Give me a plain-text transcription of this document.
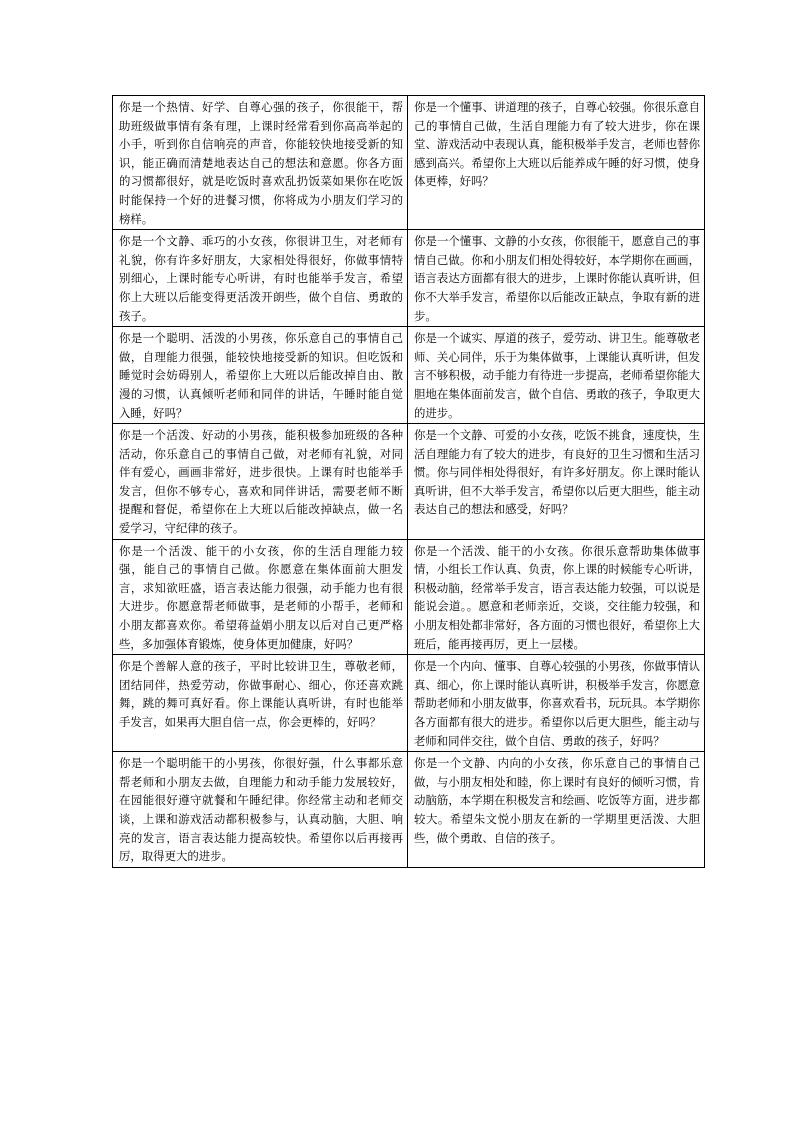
你是一个热情、好学、自尊心强的孩子，你很能干，帮助班级做事情有条有理，上课时经常看到你高高举起的小手，听到你自信响亮的声音，你能较快地接受新的知识，能正确而清楚地表达自己的想法和意愿。你各方面的习惯都很好，就是吃饭时喜欢乱扔饭菜如果你在吃饭时能保持一个好的进餐习惯，你将成为小朋友们学习的榜样。	你是一个懂事、讲道理的孩子，自尊心较强。你很乐意自己的事情自己做，生活自理能力有了较大进步，你在课堂、游戏活动中表现认真，能积极举手发言，老师也替你感到高兴。希望你上大班以后能养成午睡的好习惯，使身体更棒，好吗？
你是一个文静、乖巧的小女孩，你很讲卫生，对老师有礼貌，你有许多好朋友，大家相处得很好，你做事情特别细心，上课时能专心听讲，有时也能举手发言，希望你上大班以后能变得更活泼开朗些，做个自信、勇敢的孩子。	你是一个懂事、文静的小女孩，你很能干，愿意自己的事情自己做。你和小朋友们相处得较好，本学期你在画画，语言表达方面都有很大的进步，上课时你能认真听讲，但你不大举手发言，希望你以后能改正缺点，争取有新的进步。
你是一个聪明、活泼的小男孩，你乐意自己的事情自己做，自理能力很强，能较快地接受新的知识。但吃饭和睡觉时会妨碍别人，希望你上大班以后能改掉自由、散漫的习惯，认真倾听老师和同伴的讲话，午睡时能自觉入睡，好吗？	你是一个诚实、厚道的孩子，爱劳动、讲卫生。能尊敬老师、关心同伴，乐于为集体做事，上课能认真听讲，但发言不够积极，动手能力有待进一步提高，老师希望你能大胆地在集体面前发言，做个自信、勇敢的孩子，争取更大的进步。
你是一个活泼、好动的小男孩，能积极参加班级的各种活动，你乐意自己的事情自己做，对老师有礼貌，对同伴有爱心，画画非常好，进步很快。上课有时也能举手发言，但你不够专心，喜欢和同伴讲话，需要老师不断提醒和督促，希望你在上大班以后能改掉缺点，做一名爱学习，守纪律的孩子。	你是一个文静、可爱的小女孩，吃饭不挑食，速度快，生活自理能力有了较大的进步，有良好的卫生习惯和生活习惯。你与同伴相处得很好，有许多好朋友。你上课时能认真听讲，但不大举手发言，希望你以后更大胆些，能主动表达自己的想法和感受，好吗？
你是一个活泼、能干的小女孩，你的生活自理能力较强，能自己的事情自己做。你愿意在集体面前大胆发言，求知欲旺盛，语言表达能力很强，动手能力也有很大进步。你愿意帮老师做事，是老师的小帮手，老师和小朋友都喜欢你。希望蒋益娟小朋友以后对自己更严格些，多加强体育锻炼，使身体更加健康，好吗？	你是一个活泼、能干的小女孩。你很乐意帮助集体做事情，小组长工作认真、负责，你上课的时候能专心听讲，积极动脑，经常举手发言，语言表达能力较强，可以说是能说会道。。愿意和老师亲近，交谈，交往能力较强，和小朋友相处都非常好，各方面的习惯也很好，希望你上大班后，能再接再厉，更上一层楼。
你是个善解人意的孩子，平时比较讲卫生，尊敬老师，团结同伴，热爱劳动，你做事耐心、细心，你还喜欢跳舞，跳的舞可真好看。你上课能认真听讲，有时也能举手发言，如果再大胆自信一点，你会更棒的，好吗？	你是一个内向、懂事、自尊心较强的小男孩，你做事情认真、细心，你上课时能认真听讲，积极举手发言，你愿意帮助老师和小朋友做事，你喜欢看书，玩玩具。本学期你各方面都有很大的进步。希望你以后更大胆些，能主动与老师和同伴交往，做个自信、勇敢的孩子，好吗？
你是一个聪明能干的小男孩，你很好强，什么事都乐意帮老师和小朋友去做，自理能力和动手能力发展较好，在园能很好遵守就餐和午睡纪律。你经常主动和老师交谈，上课和游戏活动都积极参与，认真动脑，大胆、响亮的发言，语言表达能力提高较快。希望你以后再接再厉，取得更大的进步。	你是一个文静、内向的小女孩，你乐意自己的事情自己做，与小朋友相处和睦，你上课时有良好的倾听习惯，肯动脑筋，本学期在积极发言和绘画、吃饭等方面，进步都较大。希望朱文悦小朋友在新的一学期里更活泼、大胆些，做个勇敢、自信的孩子。
